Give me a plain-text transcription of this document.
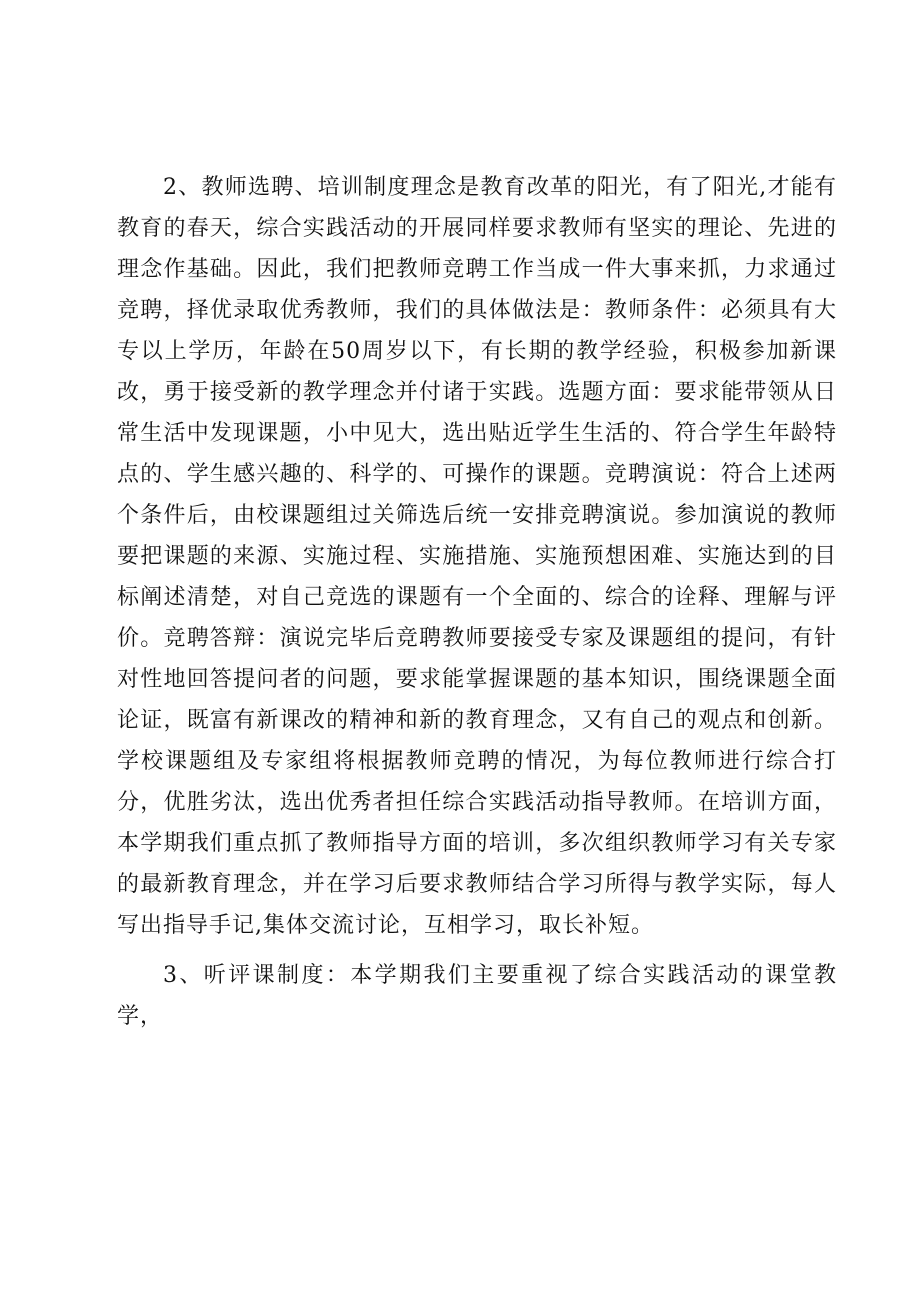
2、教师选聘、培训制度理念是教育改革的阳光，有了阳光,才能有教育的春天，综合实践活动的开展同样要求教师有坚实的理论、先进的理念作基础。因此，我们把教师竞聘工作当成一件大事来抓，力求通过竞聘，择优录取优秀教师，我们的具体做法是：教师条件：必须具有大专以上学历，年龄在50周岁以下，有长期的教学经验，积极参加新课改，勇于接受新的教学理念并付诸于实践。选题方面：要求能带领从日常生活中发现课题，小中见大，选出贴近学生生活的、符合学生年龄特点的、学生感兴趣的、科学的、可操作的课题。竞聘演说：符合上述两个条件后，由校课题组过关筛选后统一安排竞聘演说。参加演说的教师要把课题的来源、实施过程、实施措施、实施预想困难、实施达到的目标阐述清楚，对自己竞选的课题有一个全面的、综合的诠释、理解与评价。竞聘答辩：演说完毕后竞聘教师要接受专家及课题组的提问，有针对性地回答提问者的问题，要求能掌握课题的基本知识，围绕课题全面论证，既富有新课改的精神和新的教育理念，又有自己的观点和创新。学校课题组及专家组将根据教师竞聘的情况，为每位教师进行综合打分，优胜劣汰，选出优秀者担任综合实践活动指导教师。在培训方面，本学期我们重点抓了教师指导方面的培训，多次组织教师学习有关专家的最新教育理念，并在学习后要求教师结合学习所得与教学实际，每人写出指导手记,集体交流讨论，互相学习，取长补短。

3、听评课制度：本学期我们主要重视了综合实践活动的课堂教学，
